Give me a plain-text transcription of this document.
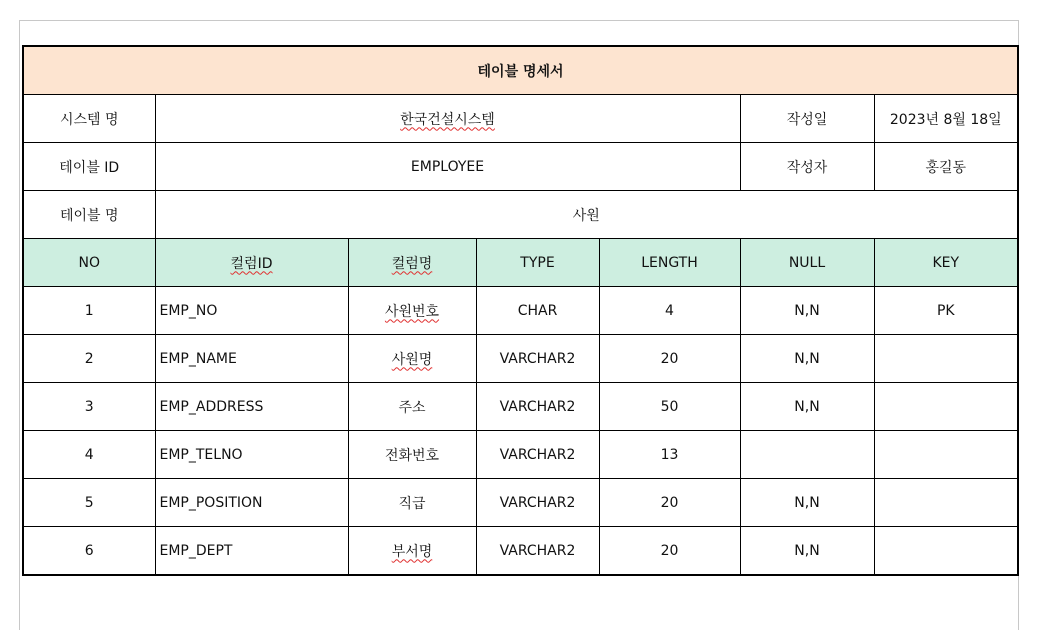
테이블 명세서						
시스템 명	한국건설시스템				작성일	2023년 8월 18일
테이블 ID	EMPLOYEE				작성자	홍길동
테이블 명	사원					
NO	컬럼ID	컬럼명	TYPE	LENGTH	NULL	KEY
1	EMP_NO	사원번호	CHAR	4	N,N	PK
2	EMP_NAME	사원명	VARCHAR2	20	N,N	
3	EMP_ADDRESS	주소	VARCHAR2	50	N,N	
4	EMP_TELNO	전화번호	VARCHAR2	13		
5	EMP_POSITION	직급	VARCHAR2	20	N,N	
6	EMP_DEPT	부서명	VARCHAR2	20	N,N	
